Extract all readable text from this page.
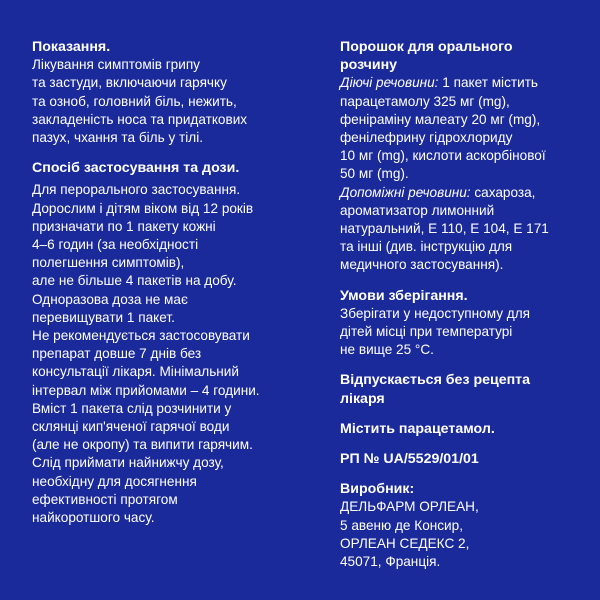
Показання.
Лікування симптомів грипу
та застуди, включаючи гарячку
та озноб, головний біль, нежить,
закладеність носа та придаткових
пазух, чхання та біль у тілі.
Спосіб застосування та дози.
Для перорального застосування.
Дорослим і дітям віком від 12 років
призначати по 1 пакету кожні
4–6 годин (за необхідності
полегшення симптомів),
але не більше 4 пакетів на добу.
Одноразова доза не має
перевищувати 1 пакет.
Не рекомендується застосовувати
препарат довше 7 днів без
консультації лікаря. Мінімальний
інтервал між прийомами – 4 години.
Вміст 1 пакета слід розчинити у
склянці кип'яченої гарячої води
(але не окропу) та випити гарячим.
Слід приймати найнижчу дозу,
необхідну для досягнення
ефективності протягом
найкоротшого часу.
Порошок для орального
розчину
Діючі речовини: 1 пакет містить
парацетамолу 325 мг (mg),
феніраміну малеату 20 мг (mg),
фенілефрину гідрохлориду
10 мг (mg), кислоти аскорбінової
50 мг (mg).
Допоміжні речовини: сахароза,
ароматизатор лимонний
натуральний, Е 110, Е 104, Е 171
та інші (див. інструкцію для
медичного застосування).
Умови зберігання.
Зберігати у недоступному для
дітей місці при температурі
не вище 25 °С.
Відпускається без рецепта
лікаря
Містить парацетамол.
РП № UA/5529/01/01
Виробник:
ДЕЛЬФАРМ ОРЛЕАН,
5 авеню де Консир,
ОРЛЕАН СЕДЕКС 2,
45071, Франція.
